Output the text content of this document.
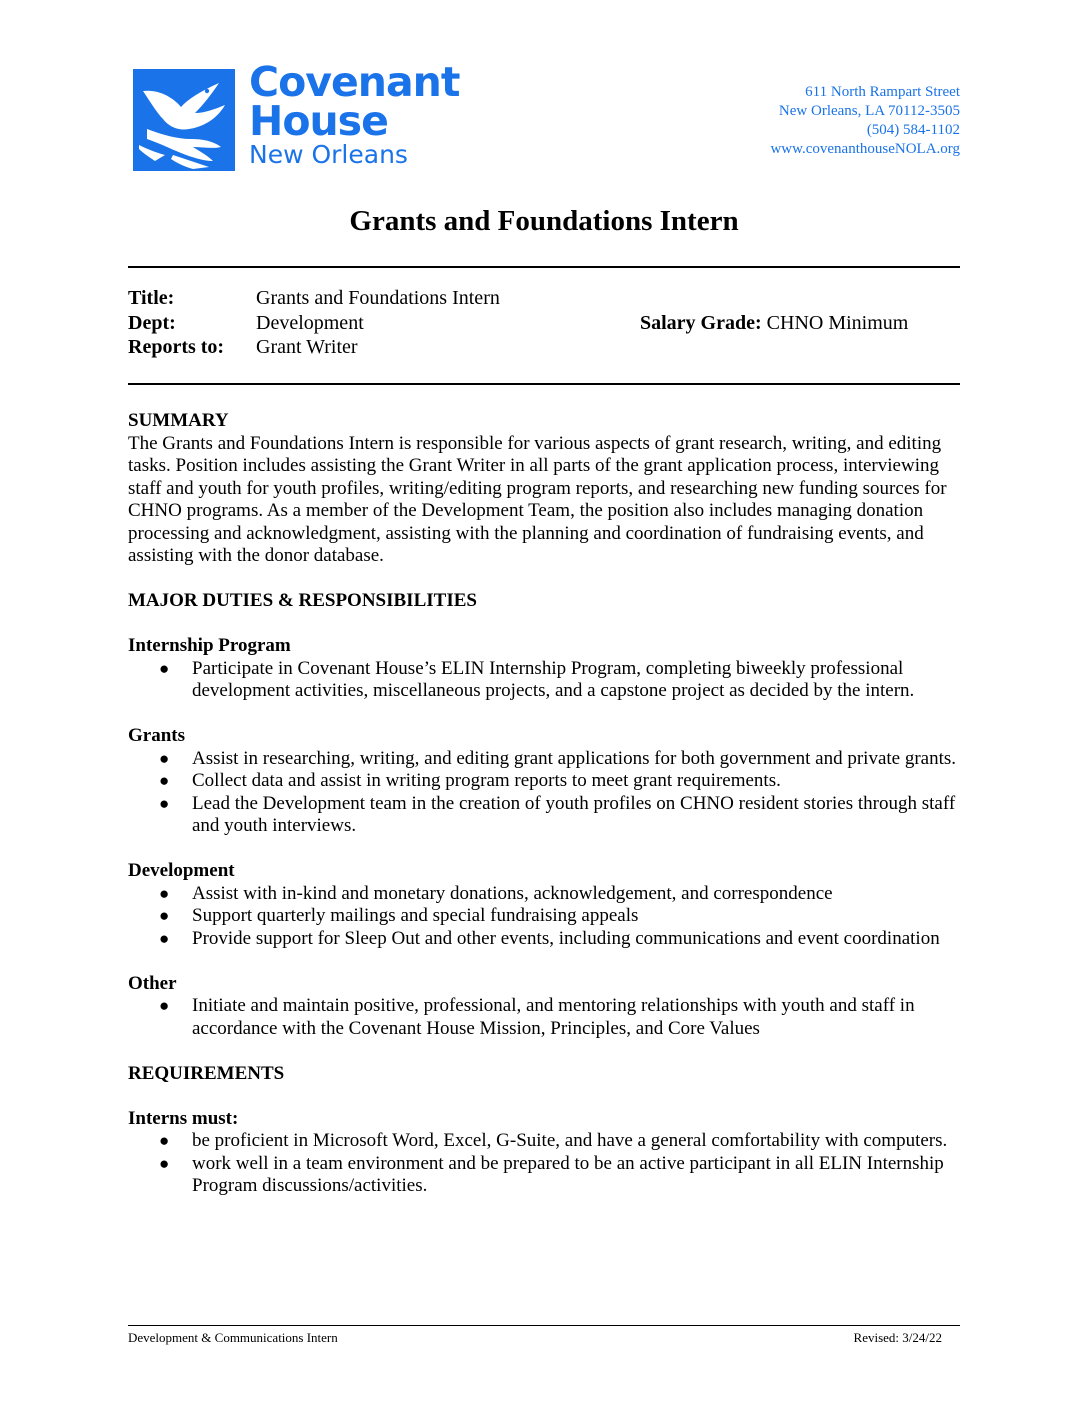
Covenant
House
New Orleans
611 North Rampart Street
New Orleans, LA 70112-3505
(504) 584-1102
www.covenanthouseNOLA.org
Grants and Foundations Intern
Title:	Grants and Foundations Intern
Dept:	Development	Salary Grade: CHNO Minimum
Reports to: Grant Writer
SUMMARY

The Grants and Foundations Intern is responsible for various aspects of grant research, writing, and editing tasks. Position includes assisting the Grant Writer in all parts of the grant application process, interviewing staff and youth for youth profiles, writing/editing program reports, and researching new funding sources for CHNO programs. As a member of the Development Team, the position also includes managing donation processing and acknowledgment, assisting with the planning and coordination of fundraising events, and assisting with the donor database.

MAJOR DUTIES & RESPONSIBILITIES
Internship Program
● Participate in Covenant House’s ELIN Internship Program, completing biweekly professional development activities, miscellaneous projects, and a capstone project as decided by the intern.
Grants
● Assist in researching, writing, and editing grant applications for both government and private grants.
● Collect data and assist in writing program reports to meet grant requirements.
● Lead the Development team in the creation of youth profiles on CHNO resident stories through staff and youth interviews.
Development
● Assist with in-kind and monetary donations, acknowledgement, and correspondence
● Support quarterly mailings and special fundraising appeals
● Provide support for Sleep Out and other events, including communications and event coordination
Other
● Initiate and maintain positive, professional, and mentoring relationships with youth and staff in accordance with the Covenant House Mission, Principles, and Core Values
REQUIREMENTS
Interns must:
● be proficient in Microsoft Word, Excel, G-Suite, and have a general comfortability with computers.
● work well in a team environment and be prepared to be an active participant in all ELIN Internship Program discussions/activities.
Development & Communications Intern	Revised: 3/24/22
